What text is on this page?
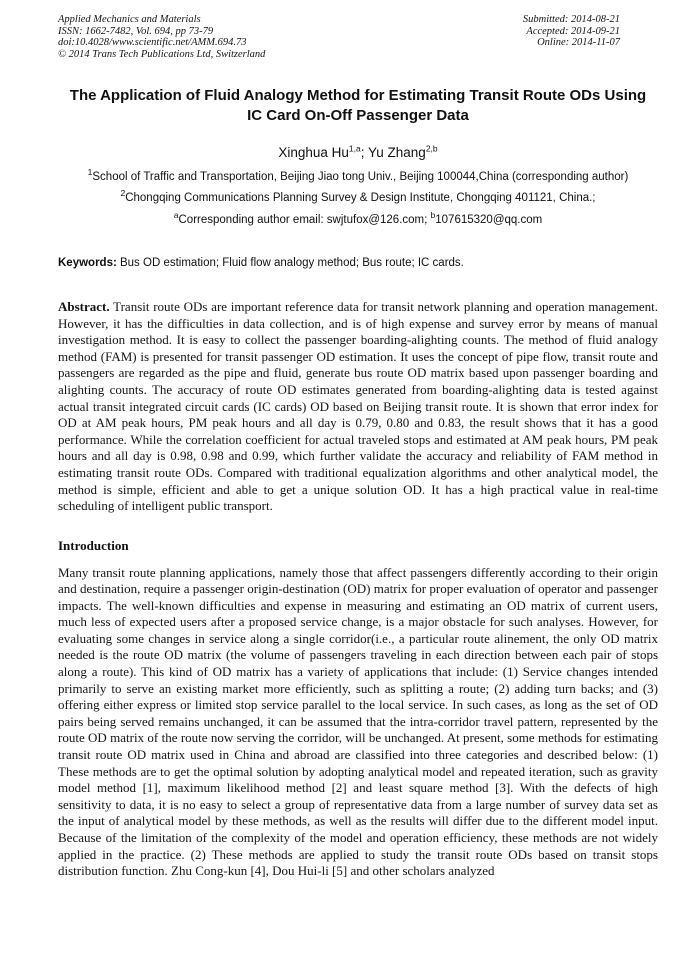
Applied Mechanics and Materials
ISSN: 1662-7482, Vol. 694, pp 73-79
doi:10.4028/www.scientific.net/AMM.694.73
© 2014 Trans Tech Publications Ltd, Switzerland
Submitted: 2014-08-21
Accepted: 2014-09-21
Online: 2014-11-07
The Application of Fluid Analogy Method for Estimating Transit Route ODs Using IC Card On-Off Passenger Data
Xinghua Hu$^{1,a}$; Yu Zhang$^{2,b}$
$^1$School of Traffic and Transportation, Beijing Jiao tong Univ., Beijing 100044,China (corresponding author)
$^2$Chongqing Communications Planning Survey & Design Institute, Chongqing 401121, China.;
$^a$Corresponding author email: swjtufox@126.com; $^b$107615320@qq.com
Keywords: Bus OD estimation; Fluid flow analogy method; Bus route; IC cards.

Abstract. Transit route ODs are important reference data for transit network planning and operation management. However, it has the difficulties in data collection, and is of high expense and survey error by means of manual investigation method. It is easy to collect the passenger boarding-alighting counts. The method of fluid analogy method (FAM) is presented for transit passenger OD estimation. It uses the concept of pipe flow, transit route and passengers are regarded as the pipe and fluid, generate bus route OD matrix based upon passenger boarding and alighting counts. The accuracy of route OD estimates generated from boarding-alighting data is tested against actual transit integrated circuit cards (IC cards) OD based on Beijing transit route. It is shown that error index for OD at AM peak hours, PM peak hours and all day is 0.79, 0.80 and 0.83, the result shows that it has a good performance. While the correlation coefficient for actual traveled stops and estimated at AM peak hours, PM peak hours and all day is 0.98, 0.98 and 0.99, which further validate the accuracy and reliability of FAM method in estimating transit route ODs. Compared with traditional equalization algorithms and other analytical model, the method is simple, efficient and able to get a unique solution OD. It has a high practical value in real-time scheduling of intelligent public transport.

Introduction

Many transit route planning applications, namely those that affect passengers differently according to their origin and destination, require a passenger origin-destination (OD) matrix for proper evaluation of operator and passenger impacts. The well-known difficulties and expense in measuring and estimating an OD matrix of current users, much less of expected users after a proposed service change, is a major obstacle for such analyses. However, for evaluating some changes in service along a single corridor(i.e., a particular route alinement, the only OD matrix needed is the route OD matrix (the volume of passengers traveling in each direction between each pair of stops along a route). This kind of OD matrix has a variety of applications that include: (1) Service changes intended primarily to serve an existing market more efficiently, such as splitting a route; (2) adding turn backs; and (3) offering either express or limited stop service parallel to the local service. In such cases, as long as the set of OD pairs being served remains unchanged, it can be assumed that the intra-corridor travel pattern, represented by the route OD matrix of the route now serving the corridor, will be unchanged. At present, some methods for estimating transit route OD matrix used in China and abroad are classified into three categories and described below: (1) These methods are to get the optimal solution by adopting analytical model and repeated iteration, such as gravity model method [1], maximum likelihood method [2] and least square method [3]. With the defects of high sensitivity to data, it is no easy to select a group of representative data from a large number of survey data set as the input of analytical model by these methods, as well as the results will differ due to the different model input. Because of the limitation of the complexity of the model and operation efficiency, these methods are not widely applied in the practice. (2) These methods are applied to study the transit route ODs based on transit stops distribution function. Zhu Cong-kun [4], Dou Hui-li [5] and other scholars analyzed
